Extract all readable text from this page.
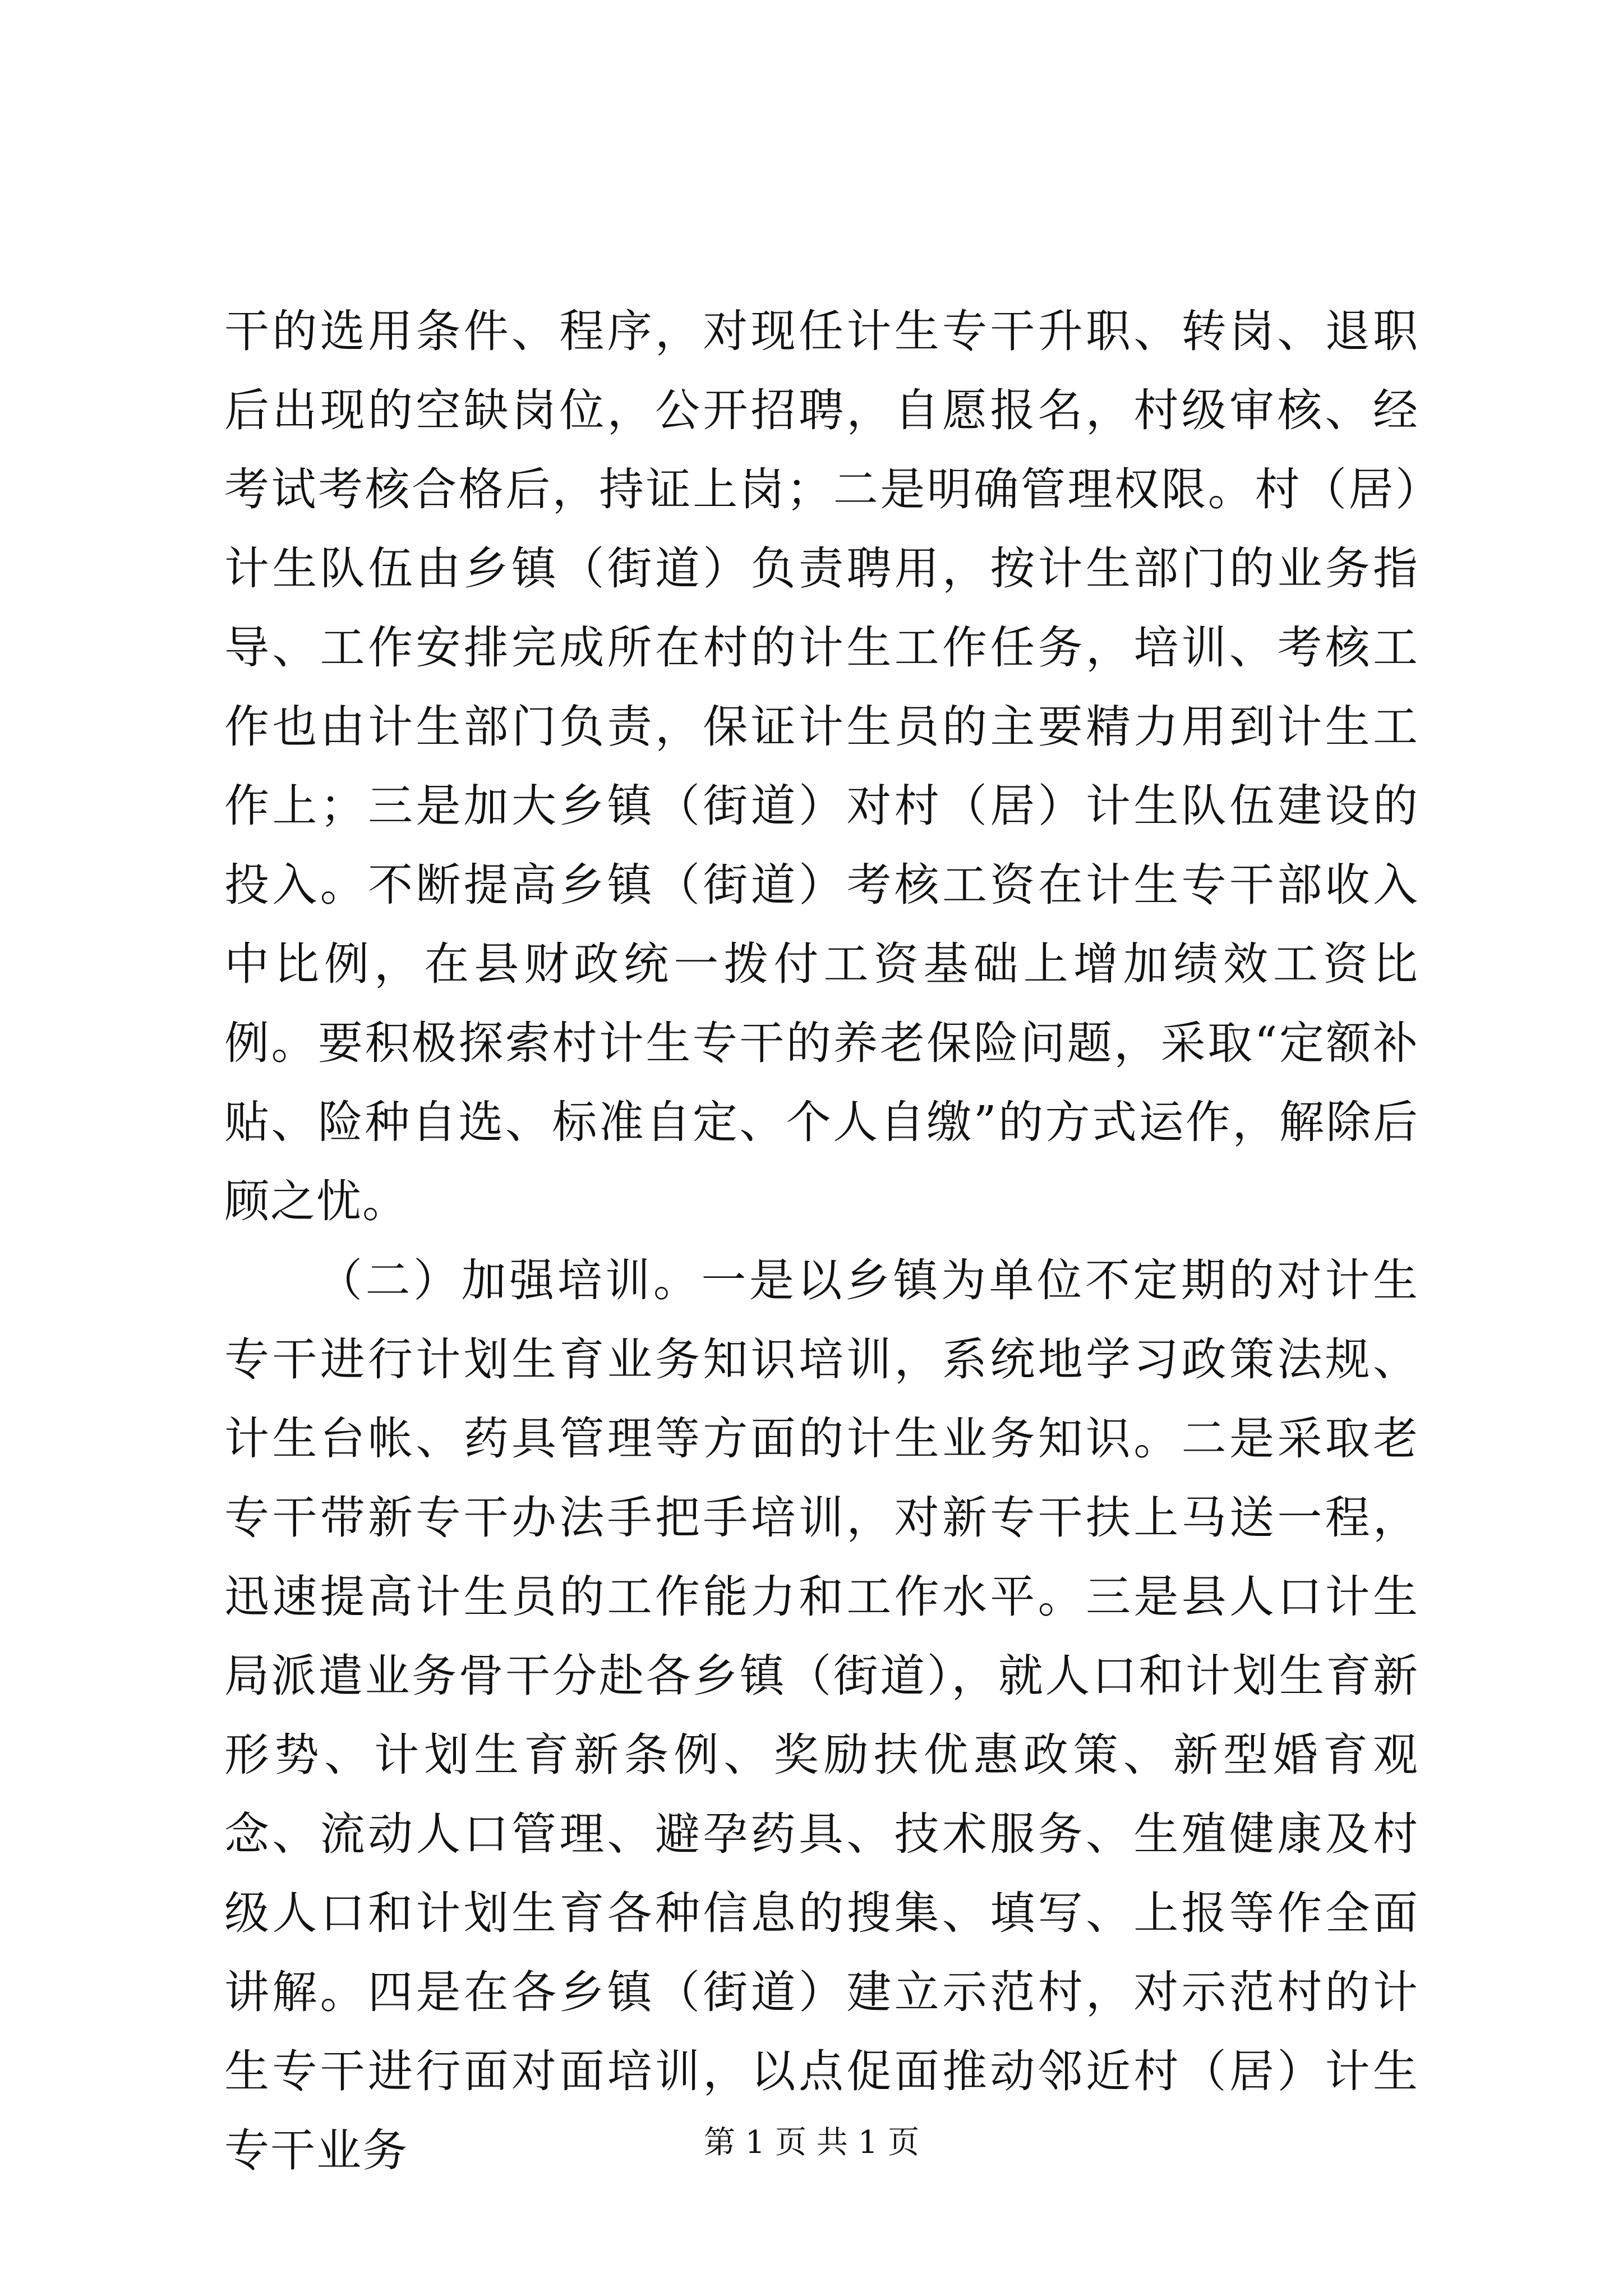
干的选用条件、程序，对现任计生专干升职、转岗、退职后出现的空缺岗位，公开招聘，自愿报名，村级审核、经考试考核合格后，持证上岗；二是明确管理权限。村（居）计生队伍由乡镇（街道）负责聘用，按计生部门的业务指导、工作安排完成所在村的计生工作任务，培训、考核工作也由计生部门负责，保证计生员的主要精力用到计生工作上；三是加大乡镇（街道）对村（居）计生队伍建设的投入。不断提高乡镇（街道）考核工资在计生专干部收入中比例，在县财政统一拨付工资基础上增加绩效工资比例。要积极探索村计生专干的养老保险问题，采取“定额补贴、险种自选、标准自定、个人自缴”的方式运作，解除后顾之忧。

（二）加强培训。一是以乡镇为单位不定期的对计生专干进行计划生育业务知识培训，系统地学习政策法规、计生台帐、药具管理等方面的计生业务知识。二是采取老专干带新专干办法手把手培训，对新专干扶上马送一程，迅速提高计生员的工作能力和工作水平。三是县人口计生局派遣业务骨干分赴各乡镇（街道），就人口和计划生育新形势、计划生育新条例、奖励扶优惠政策、新型婚育观念、流动人口管理、避孕药具、技术服务、生殖健康及村级人口和计划生育各种信息的搜集、填写、上报等作全面讲解。四是在各乡镇（街道）建立示范村，对示范村的计生专干进行面对面培训，以点促面推动邻近村（居）计生专干业务	第 1 页 共 1 页
